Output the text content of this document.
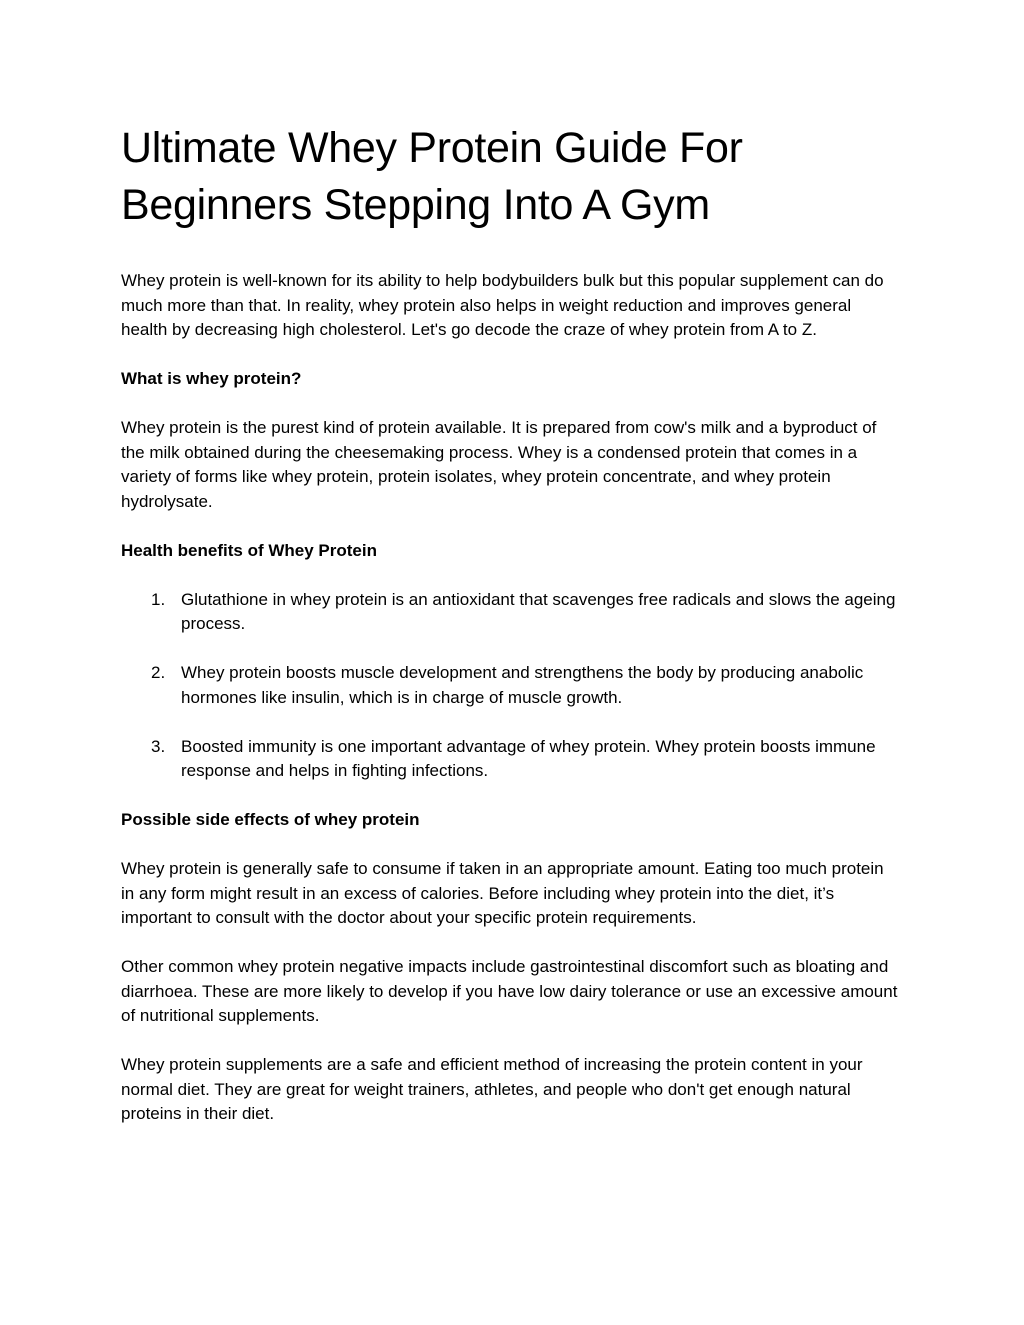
Ultimate Whey Protein Guide For Beginners Stepping Into A Gym

Whey protein is well-known for its ability to help bodybuilders bulk but this popular supplement can do much more than that. In reality, whey protein also helps in weight reduction and improves general health by decreasing high cholesterol. Let's go decode the craze of whey protein from A to Z.

What is whey protein?

Whey protein is the purest kind of protein available. It is prepared from cow's milk and a byproduct of the milk obtained during the cheesemaking process. Whey is a condensed protein that comes in a variety of forms like whey protein, protein isolates, whey protein concentrate, and whey protein hydrolysate.

Health benefits of Whey Protein

1. Glutathione in whey protein is an antioxidant that scavenges free radicals and slows the ageing process.
2. Whey protein boosts muscle development and strengthens the body by producing anabolic hormones like insulin, which is in charge of muscle growth.
3. Boosted immunity is one important advantage of whey protein. Whey protein boosts immune response and helps in fighting infections.

Possible side effects of whey protein

Whey protein is generally safe to consume if taken in an appropriate amount. Eating too much protein in any form might result in an excess of calories. Before including whey protein into the diet, it’s important to consult with the doctor about your specific protein requirements.

Other common whey protein negative impacts include gastrointestinal discomfort such as bloating and diarrhoea. These are more likely to develop if you have low dairy tolerance or use an excessive amount of nutritional supplements.

Whey protein supplements are a safe and efficient method of increasing the protein content in your normal diet. They are great for weight trainers, athletes, and people who don't get enough natural proteins in their diet.
